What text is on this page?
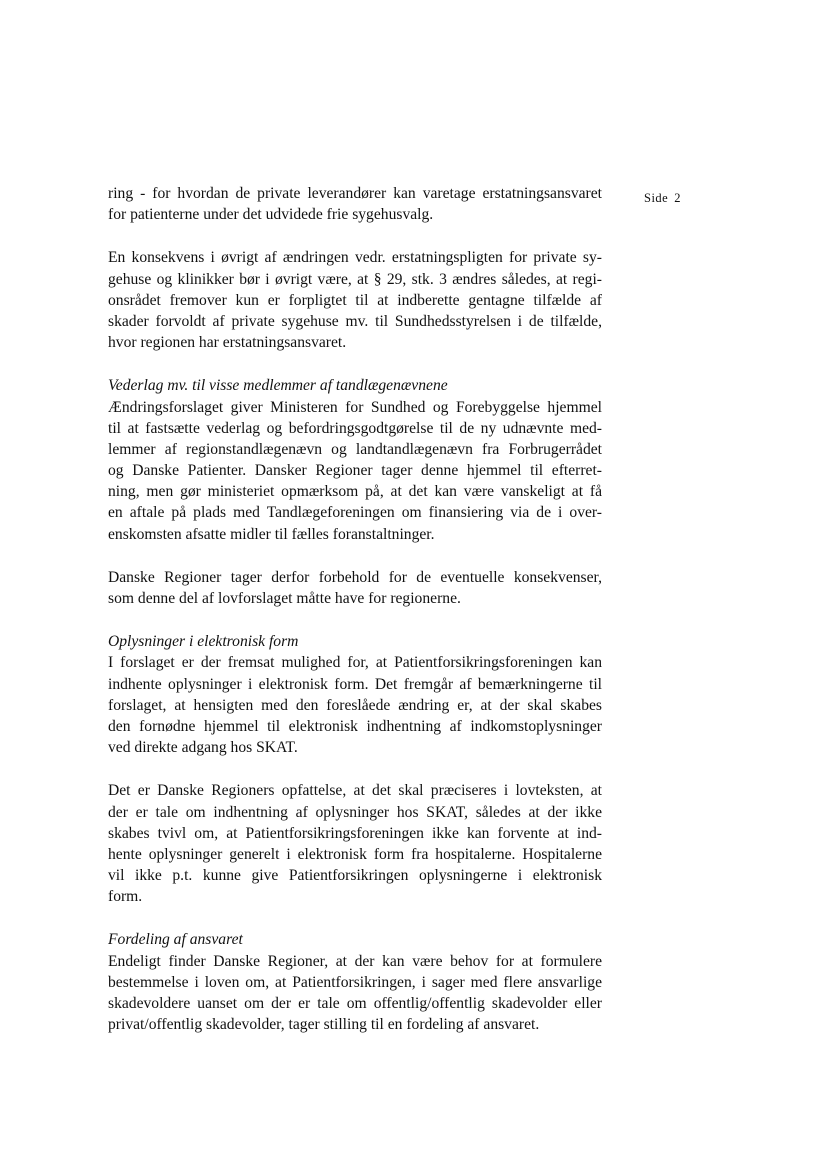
Side 2
ring - for hvordan de private leverandører kan varetage erstatningsansvaret
for patienterne under det udvidede frie sygehusvalg.
En konsekvens i øvrigt af ændringen vedr. erstatningspligten for private sy-
gehuse og klinikker bør i øvrigt være, at § 29, stk. 3 ændres således, at regi-
onsrådet fremover kun er forpligtet til at indberette gentagne tilfælde af
skader forvoldt af private sygehuse mv. til Sundhedsstyrelsen i de tilfælde,
hvor regionen har erstatningsansvaret.
Vederlag mv. til visse medlemmer af tandlægenævnene
Ændringsforslaget giver Ministeren for Sundhed og Forebyggelse hjemmel
til at fastsætte vederlag og befordringsgodtgørelse til de ny udnævnte med-
lemmer af regionstandlægenævn og landtandlægenævn fra Forbrugerrådet
og Danske Patienter. Dansker Regioner tager denne hjemmel til efterret-
ning, men gør ministeriet opmærksom på, at det kan være vanskeligt at få
en aftale på plads med Tandlægeforeningen om finansiering via de i over-
enskomsten afsatte midler til fælles foranstaltninger.
Danske Regioner tager derfor forbehold for de eventuelle konsekvenser,
som denne del af lovforslaget måtte have for regionerne.
Oplysninger i elektronisk form
I forslaget er der fremsat mulighed for, at Patientforsikringsforeningen kan
indhente oplysninger i elektronisk form. Det fremgår af bemærkningerne til
forslaget, at hensigten med den foreslåede ændring er, at der skal skabes
den fornødne hjemmel til elektronisk indhentning af indkomstoplysninger
ved direkte adgang hos SKAT.
Det er Danske Regioners opfattelse, at det skal præciseres i lovteksten, at
der er tale om indhentning af oplysninger hos SKAT, således at der ikke
skabes tvivl om, at Patientforsikringsforeningen ikke kan forvente at ind-
hente oplysninger generelt i elektronisk form fra hospitalerne. Hospitalerne
vil ikke p.t. kunne give Patientforsikringen oplysningerne i elektronisk
form.
Fordeling af ansvaret
Endeligt finder Danske Regioner, at der kan være behov for at formulere
bestemmelse i loven om, at Patientforsikringen, i sager med flere ansvarlige
skadevoldere uanset om der er tale om offentlig/offentlig skadevolder eller
privat/offentlig skadevolder, tager stilling til en fordeling af ansvaret.
